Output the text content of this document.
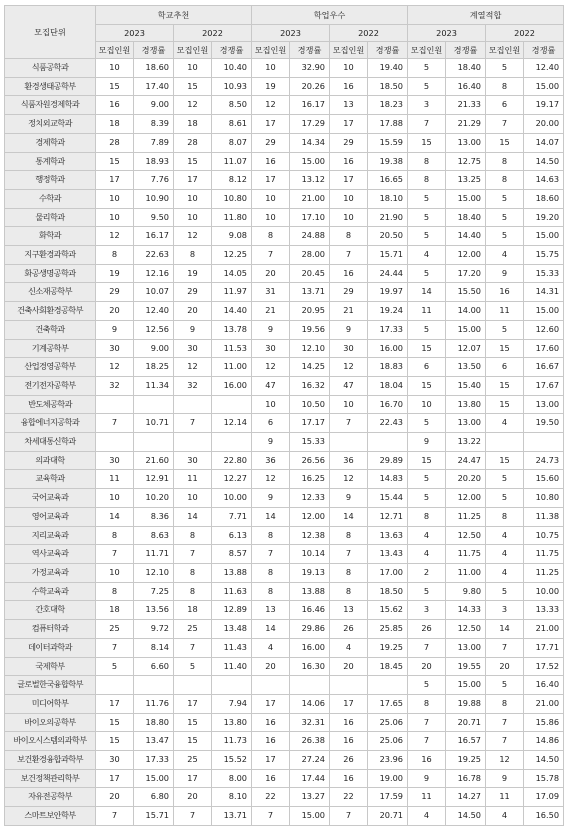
모집단위	학교추천				학업우수				계열적합			
	2023		2022		2023		2022		2023		2022	
	모집인원	경쟁률	모집인원	경쟁률	모집인원	경쟁률	모집인원	경쟁률	모집인원	경쟁률	모집인원	경쟁률
식품공학과	10	18.60	10	10.40	10	32.90	10	19.40	5	18.40	5	12.40
환경생태공학부	15	17.40	15	10.93	19	20.26	16	18.50	5	16.40	8	15.00
식품자원경제학과	16	9.00	12	8.50	12	16.17	13	18.23	3	21.33	6	19.17
정치외교학과	18	8.39	18	8.61	17	17.29	17	17.88	7	21.29	7	20.00
경제학과	28	7.89	28	8.07	29	14.34	29	15.59	15	13.00	15	14.07
통계학과	15	18.93	15	11.07	16	15.00	16	19.38	8	12.75	8	14.50
행정학과	17	7.76	17	8.12	17	13.12	17	16.65	8	13.25	8	14.63
수학과	10	10.90	10	10.80	10	21.00	10	18.10	5	15.00	5	18.60
물리학과	10	9.50	10	11.80	10	17.10	10	21.90	5	18.40	5	19.20
화학과	12	16.17	12	9.08	8	24.88	8	20.50	5	14.40	5	15.00
지구환경과학과	8	22.63	8	12.25	7	28.00	7	15.71	4	12.00	4	15.75
화공생명공학과	19	12.16	19	14.05	20	20.45	16	24.44	5	17.20	9	15.33
신소재공학부	29	10.07	29	11.97	31	13.71	29	19.97	14	15.50	16	14.31
건축사회환경공학부	20	12.40	20	14.40	21	20.95	21	19.24	11	14.00	11	15.00
건축학과	9	12.56	9	13.78	9	19.56	9	17.33	5	15.00	5	12.60
기계공학부	30	9.00	30	11.53	30	12.10	30	16.00	15	12.07	15	17.60
산업경영공학부	12	18.25	12	11.00	12	14.25	12	18.83	6	13.50	6	16.67
전기전자공학부	32	11.34	32	16.00	47	16.32	47	18.04	15	15.40	15	17.67
반도체공학과					10	10.50	10	16.70	10	13.80	15	13.00
융합에너지공학과	7	10.71	7	12.14	6	17.17	7	22.43	5	13.00	4	19.50
차세대통신학과					9	15.33			9	13.22		
의과대학	30	21.60	30	22.80	36	26.56	36	29.89	15	24.47	15	24.73
교육학과	11	12.91	11	12.27	12	16.25	12	14.83	5	20.20	5	15.60
국어교육과	10	10.20	10	10.00	9	12.33	9	15.44	5	12.00	5	10.80
영어교육과	14	8.36	14	7.71	14	12.00	14	12.71	8	11.25	8	11.38
지리교육과	8	8.63	8	6.13	8	12.38	8	13.63	4	12.50	4	10.75
역사교육과	7	11.71	7	8.57	7	10.14	7	13.43	4	11.75	4	11.75
가정교육과	10	12.10	8	13.88	8	19.13	8	17.00	2	11.00	4	11.25
수학교육과	8	7.25	8	11.63	8	13.88	8	18.50	5	9.80	5	10.00
간호대학	18	13.56	18	12.89	13	16.46	13	15.62	3	14.33	3	13.33
컴퓨터학과	25	9.72	25	13.48	14	29.86	26	25.85	26	12.50	14	21.00
데이터과학과	7	8.14	7	11.43	4	16.00	4	19.25	7	13.00	7	17.71
국제학부	5	6.60	5	11.40	20	16.30	20	18.45	20	19.55	20	17.52
글로벌한국융합학부									5	15.00	5	16.40
미디어학부	17	11.76	17	7.94	17	14.06	17	17.65	8	19.88	8	21.00
바이오의공학부	15	18.80	15	13.80	16	32.31	16	25.06	7	20.71	7	15.86
바이오시스템의과학부	15	13.47	15	11.73	16	26.38	16	25.06	7	16.57	7	14.86
보건환경융합과학부	30	17.33	25	15.52	17	27.24	26	23.96	16	19.25	12	14.50
보건정책관리학부	17	15.00	17	8.00	16	17.44	16	19.00	9	16.78	9	15.78
자유전공학부	20	6.80	20	8.10	22	13.27	22	17.59	11	14.27	11	17.09
스마트보안학부	7	15.71	7	13.71	7	15.00	7	20.71	4	14.50	4	16.50
